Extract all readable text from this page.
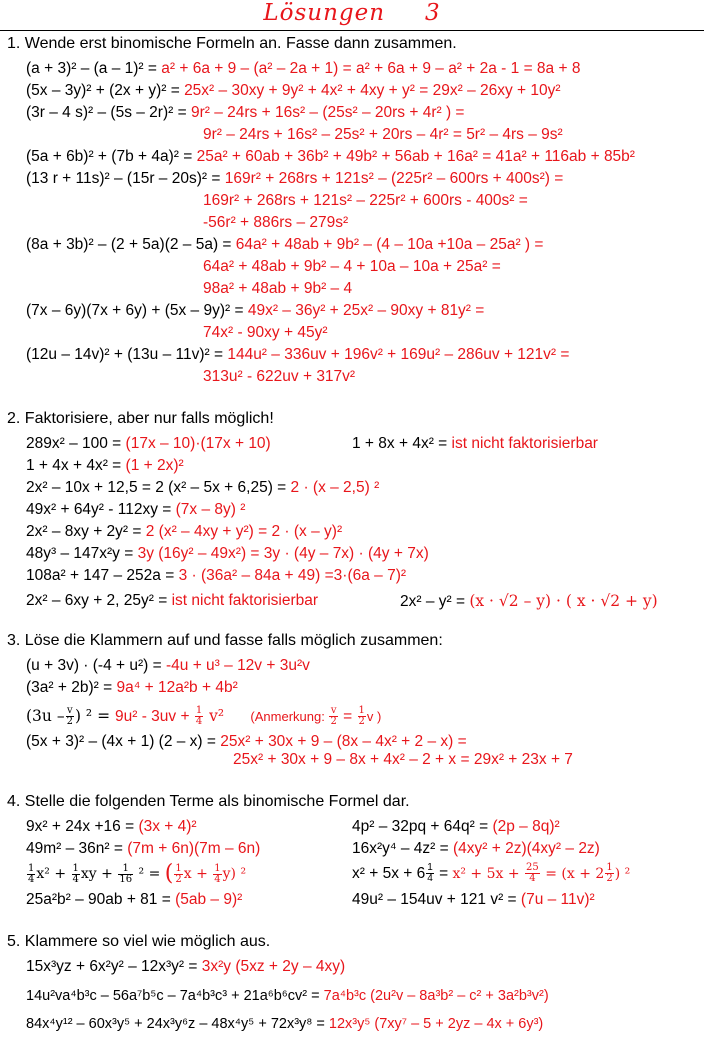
Lösungen 3
1. Wende erst binomische Formeln an. Fasse dann zusammen.
(a + 3)² – (a – 1)² = a² + 6a + 9 – (a² – 2a + 1) = a² + 6a + 9 – a² + 2a - 1 = 8a + 8
(5x – 3y)² + (2x + y)² = 25x² – 30xy + 9y² + 4x² + 4xy + y² = 29x² – 26xy + 10y²
(3r – 4 s)² – (5s – 2r)² = 9r² – 24rs + 16s² – (25s² – 20rs + 4r² ) =
9r² – 24rs + 16s² – 25s² + 20rs – 4r² = 5r² – 4rs – 9s²
(5a + 6b)² + (7b + 4a)² = 25a² + 60ab + 36b² + 49b² + 56ab + 16a² = 41a² + 116ab + 85b²
(13 r + 11s)² – (15r – 20s)² = 169r² + 268rs + 121s² – (225r² – 600rs + 400s²) =
169r² + 268rs + 121s² – 225r² + 600rs - 400s² =
-56r² + 886rs – 279s²
(8a + 3b)² – (2 + 5a)(2 – 5a) = 64a² + 48ab + 9b² – (4 – 10a +10a – 25a² ) =
64a² + 48ab + 9b² – 4 + 10a – 10a + 25a² =
98a² + 48ab + 9b² – 4
(7x – 6y)(7x + 6y) + (5x – 9y)² = 49x² – 36y² + 25x² – 90xy + 81y² =
74x² - 90xy + 45y²
(12u – 14v)² + (13u – 11v)² = 144u² – 336uv + 196v² + 169u² – 286uv + 121v² =
313u² - 622uv + 317v²
2. Faktorisiere, aber nur falls möglich!
289x² – 100 = (17x – 10)·(17x + 10)	1 + 8x + 4x² = ist nicht faktorisierbar
1 + 4x + 4x² = (1 + 2x)²
2x² – 10x + 12,5 = 2 (x² – 5x + 6,25) = 2 · (x – 2,5) ²
49x² + 64y² - 112xy = (7x – 8y) ²
2x² – 8xy + 2y² = 2 (x² – 4xy + y²) = 2 · (x – y)²
48y³ – 147x²y = 3y (16y² – 49x²) = 3y · (4y – 7x) · (4y + 7x)
108a² + 147 – 252a = 3 · (36a² – 84a + 49) =3·(6a – 7)²
2x² – 6xy + 2, 25y² = ist nicht faktorisierbar	2x² – y² = (x · √2 – y) · ( x · √2 + y)
3. Löse die Klammern auf und fasse falls möglich zusammen:
(u + 3v) · (-4 + u²) = -4u + u³ – 12v + 3u²v
(3a² + 2b)² = 9a⁴ + 12a²b + 4b²
($3u - \frac{v}{2}$ ) $^2 = 9u^2 - 3uv + \frac{1}{4} v^2$ (Anmerkung: $\frac{v}{2} = \frac{1}{2}$ v )
(5x + 3)² – (4x + 1) (2 – x) = 25x² + 30x + 9 – (8x – 4x² + 2 – x) =
25x² + 30x + 9 – 8x + 4x² – 2 + x = 29x² + 23x + 7
4. Stelle die folgenden Terme als binomische Formel dar.
9x² + 24x +16 = (3x + 4)²	4p² – 32pq + 64q² = (2p – 8q)²
49m² – 36n² = (7m + 6n)(7m – 6n)	16x²y⁴ – 4z² = (4xy² + 2z)(4xy² – 2z)
$\frac{1}{4} x^2 + \frac{1}{4}$ xy + $\frac{1}{16} ^2$ = ( $\frac{1}{2}$ $x + \frac{1}{4} y$) ²	$x^2 + 5x + 6 \frac{1}{4} = x^2 + 5x + \frac{25}{4} = (x + 2 \frac{1}{2}$ ) ²
25a²b² – 90ab + 81 = (5ab – 9)²	49u² – 154uv + 121 v² = (7u – 11v)²
5. Klammere so viel wie möglich aus.
15x³yz + 6x²y² – 12x³y² = 3x²y (5xz + 2y – 4xy)
14u²va⁴b³c – 56a⁷b⁵c – 7a⁴b³c³ + 21a⁶b⁶cv² = 7a⁴b³c (2u²v – 8a³b² – c² + 3a²b³v²)
84x⁴y¹² – 60x³y⁵ + 24x³y⁶z – 48x⁴y⁵ + 72x³y⁸ = 12x³y⁵ (7xy⁷ – 5 + 2yz – 4x + 6y³)
